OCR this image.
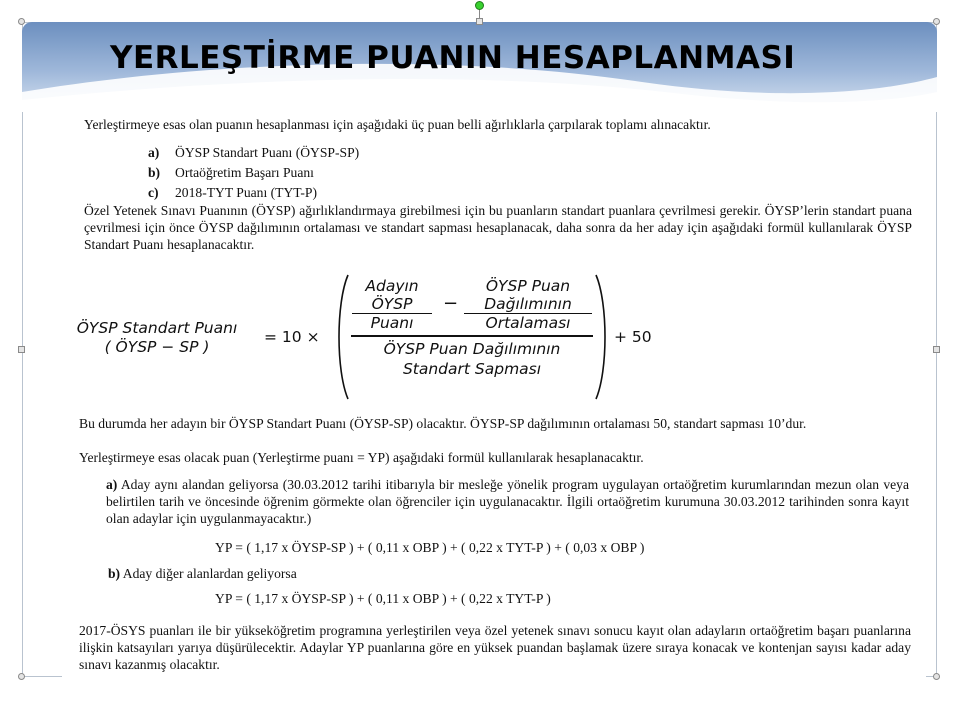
YERLEŞTİRME PUANIN HESAPLANMASI
Yerleştirmeye esas olan puanın hesaplanması için aşağıdaki üç puan belli ağırlıklarla çarpılarak toplamı alınacaktır.
a) ÖYSP Standart Puanı (ÖYSP-SP)
b) Ortaöğretim Başarı Puanı
c) 2018-TYT Puanı (TYT-P)
Özel Yetenek Sınavı Puanının (ÖYSP) ağırlıklandırmaya girebilmesi için bu puanların standart puanlara çevrilmesi gerekir. ÖYSP’lerin standart puana çevrilmesi için önce ÖYSP dağılımının ortalaması ve standart sapması hesaplanacak, daha sonra da her aday için aşağıdaki formül kullanılarak ÖYSP Standart Puanı hesaplanacaktır.
ÖYSP Standart Puanı
( ÖYSP − SP )
= 10 ×
Adayın
ÖYSP
Puanı
−
ÖYSP Puan
Dağılımının
Ortalaması
ÖYSP Puan Dağılımının
Standart Sapması
+ 50
Bu durumda her adayın bir ÖYSP Standart Puanı (ÖYSP-SP) olacaktır. ÖYSP-SP dağılımının ortalaması 50, standart sapması 10’dur.
Yerleştirmeye esas olacak puan (Yerleştirme puanı = YP) aşağıdaki formül kullanılarak hesaplanacaktır.
a) Aday aynı alandan geliyorsa (30.03.2012 tarihi itibarıyla bir mesleğe yönelik program uygulayan ortaöğretim kurumlarından mezun olan veya belirtilen tarih ve öncesinde öğrenim görmekte olan öğrenciler için uygulanacaktır. İlgili ortaöğretim kurumuna 30.03.2012 tarihinden sonra kayıt olan adaylar için uygulanmayacaktır.)
YP = ( 1,17 x ÖYSP-SP ) + ( 0,11 x OBP ) + ( 0,22 x TYT-P ) + ( 0,03 x OBP )
b) Aday diğer alanlardan geliyorsa
YP = ( 1,17 x ÖYSP-SP ) + ( 0,11 x OBP ) + ( 0,22 x TYT-P )
2017-ÖSYS puanları ile bir yükseköğretim programına yerleştirilen veya özel yetenek sınavı sonucu kayıt olan adayların ortaöğretim başarı puanlarına ilişkin katsayıları yarıya düşürülecektir. Adaylar YP puanlarına göre en yüksek puandan başlamak üzere sıraya konacak ve kontenjan sayısı kadar aday sınavı kazanmış olacaktır.
